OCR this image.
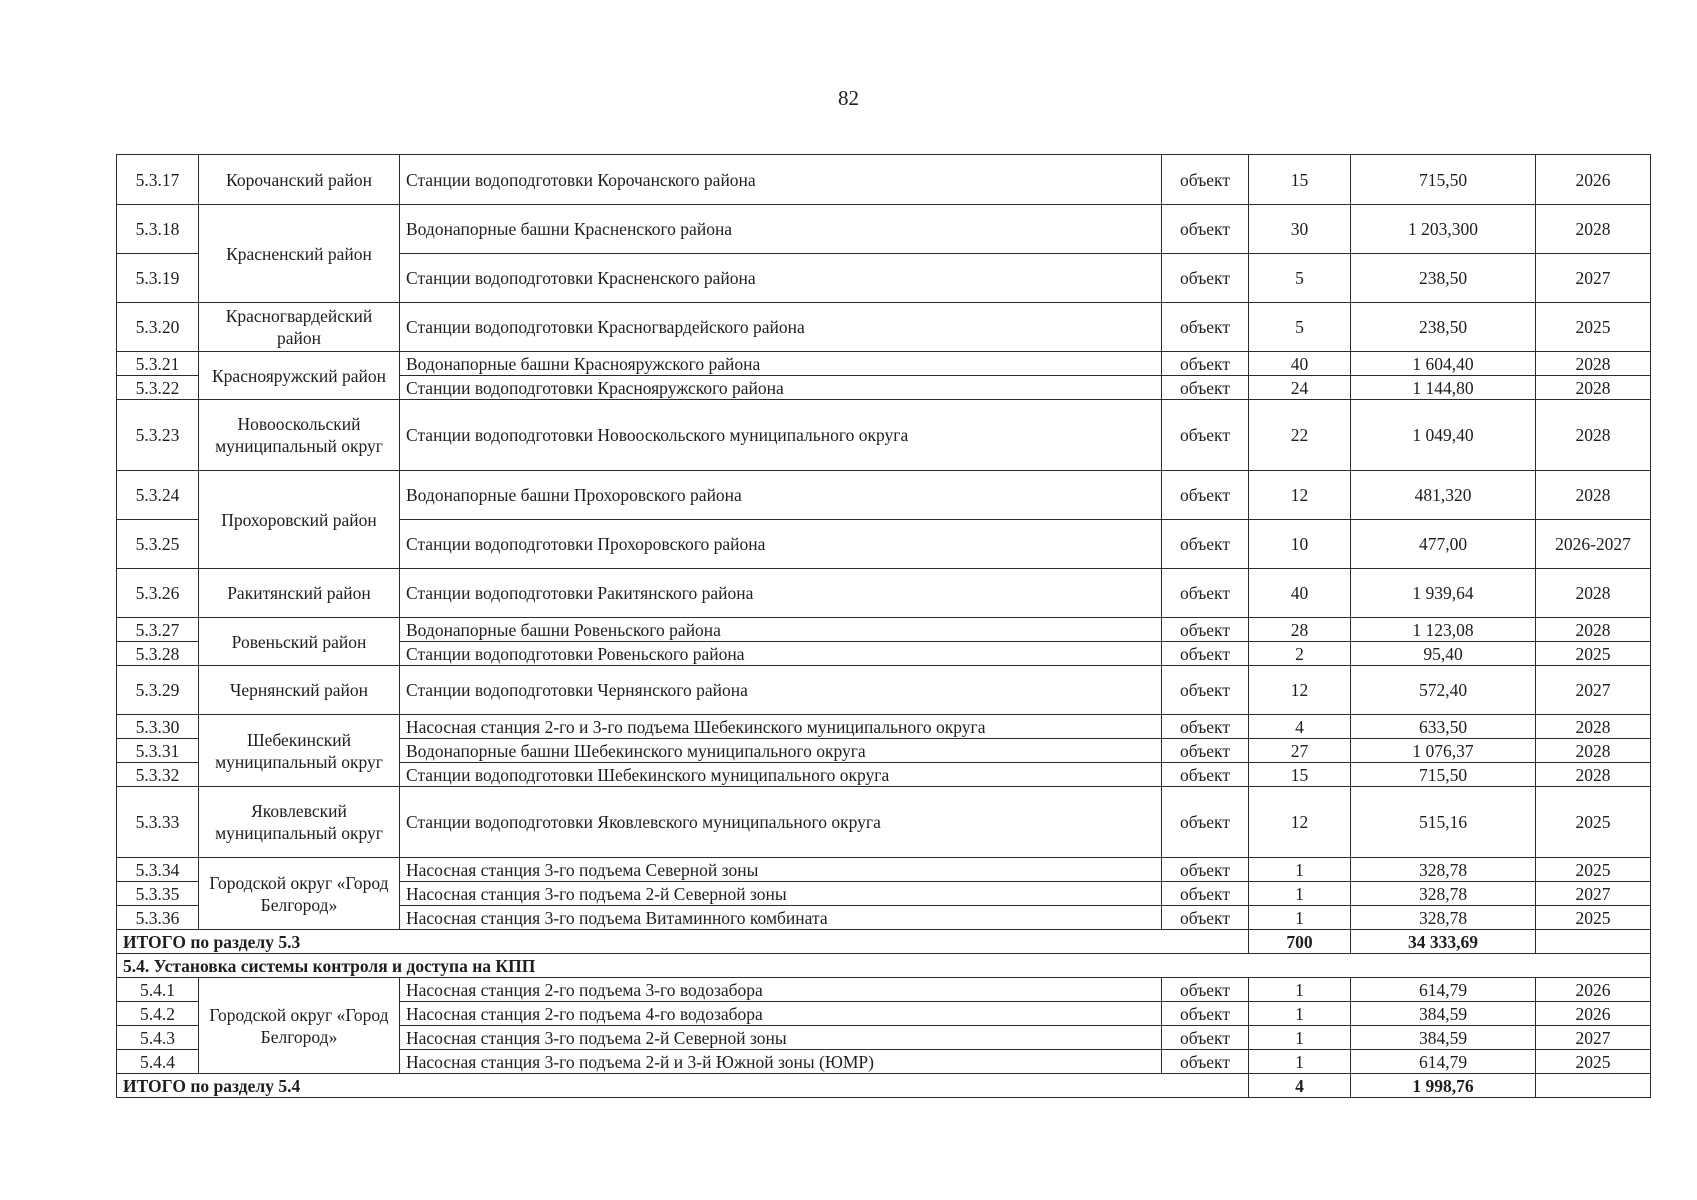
82
5.3.17	Корочанский район	Станции водоподготовки Корочанского района	объект	15	715,50	2026
5.3.18	Красненский район	Водонапорные башни Красненского района	объект	30	1 203,300	2028
5.3.19		Станции водоподготовки Красненского района	объект	5	238,50	2027
5.3.20	Красногвардейский район	Станции водоподготовки Красногвардейского района	объект	5	238,50	2025
5.3.21	Краснояружский район	Водонапорные башни Краснояружского района	объект	40	1 604,40	2028
5.3.22		Станции водоподготовки Краснояружского района	объект	24	1 144,80	2028
5.3.23	Новооскольский муниципальный округ	Станции водоподготовки Новооскольского муниципального округа	объект	22	1 049,40	2028
5.3.24	Прохоровский район	Водонапорные башни Прохоровского района	объект	12	481,320	2028
5.3.25		Станции водоподготовки Прохоровского района	объект	10	477,00	2026-2027
5.3.26	Ракитянский район	Станции водоподготовки Ракитянского района	объект	40	1 939,64	2028
5.3.27	Ровеньский район	Водонапорные башни Ровеньского района	объект	28	1 123,08	2028
5.3.28		Станции водоподготовки Ровеньского района	объект	2	95,40	2025
5.3.29	Чернянский район	Станции водоподготовки Чернянского района	объект	12	572,40	2027
5.3.30	Шебекинский муниципальный округ	Насосная станция 2-го и 3-го подъема Шебекинского муниципального округа	объект	4	633,50	2028
5.3.31		Водонапорные башни Шебекинского муниципального округа	объект	27	1 076,37	2028
5.3.32		Станции водоподготовки Шебекинского муниципального округа	объект	15	715,50	2028
5.3.33	Яковлевский муниципальный округ	Станции водоподготовки Яковлевского муниципального округа	объект	12	515,16	2025
5.3.34	Городской округ «Город Белгород»	Насосная станция 3-го подъема Северной зоны	объект	1	328,78	2025
5.3.35		Насосная станция 3-го подъема 2-й Северной зоны	объект	1	328,78	2027
5.3.36		Насосная станция 3-го подъема Витаминного комбината	объект	1	328,78	2025
ИТОГО по разделу 5.3				700	34 333,69	
5.4. Установка системы контроля и доступа на КПП						
5.4.1	Городской округ «Город Белгород»	Насосная станция 2-го подъема 3-го водозабора	объект	1	614,79	2026
5.4.2		Насосная станция 2-го подъема 4-го водозабора	объект	1	384,59	2026
5.4.3		Насосная станция 3-го подъема 2-й Северной зоны	объект	1	384,59	2027
5.4.4		Насосная станция 3-го подъема 2-й и 3-й Южной зоны (ЮМР)	объект	1	614,79	2025
ИТОГО по разделу 5.4				4	1 998,76	
